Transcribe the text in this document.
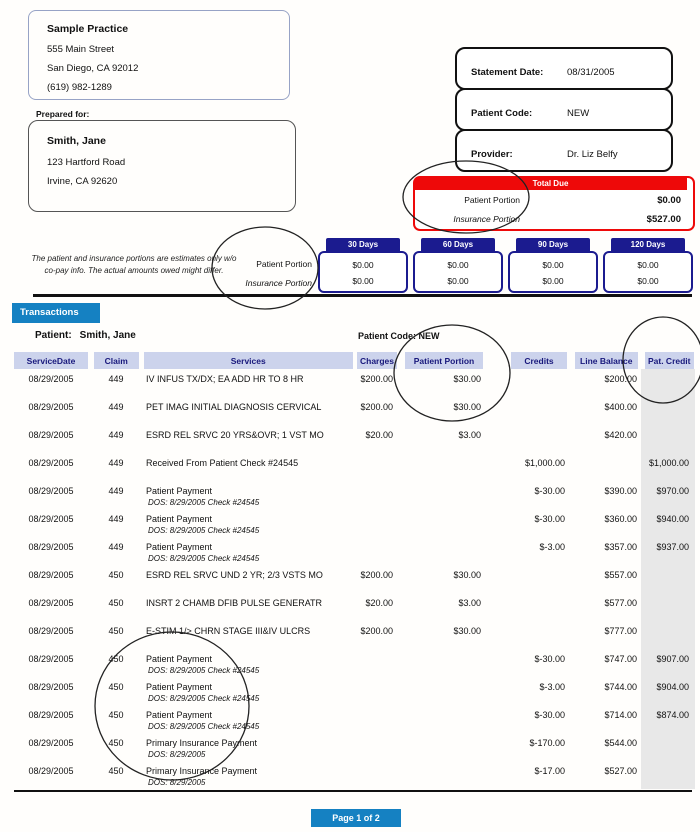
Sample Practice
555 Main Street
San Diego, CA 92012
(619) 982-1289
Prepared for:
Smith, Jane
123 Hartford Road
Irvine, CA 92620
Statement Date:	08/31/2005
Patient Code:	NEW
Provider:	Dr. Liz Belfy
Total Due
Patient Portion	$0.00
Insurance Portion	$527.00
The patient and insurance portions are estimates only w/o co-pay info. The actual amounts owed might differ.
Patient Portion
Insurance Portion
30 Days
$0.00
$0.00
60 Days
$0.00
$0.00
90 Days
$0.00
$0.00
120 Days
$0.00
$0.00
Transactions
Patient: Smith, Jane	Patient Code: NEW
ServiceDate	Claim	Services	Charges	Patient Portion	Credits	Line Balance	Pat. Credit
08/29/2005	449	IV INFUS TX/DX; EA ADD HR TO 8 HR	$200.00	$30.00		$200.00	
08/29/2005	449	PET IMAG INITIAL DIAGNOSIS CERVICAL	$200.00	$30.00		$400.00	
08/29/2005	449	ESRD REL SRVC 20 YRS&OVR; 1 VST MO	$20.00	$3.00		$420.00	
08/29/2005	449	Received From Patient Check #24545			$1,000.00		$1,000.00
08/29/2005	449	Patient Payment
DOS: 8/29/2005 Check #24545			$-30.00	$390.00	$970.00
08/29/2005	449	Patient Payment
DOS: 8/29/2005 Check #24545			$-30.00	$360.00	$940.00
08/29/2005	449	Patient Payment
DOS: 8/29/2005 Check #24545			$-3.00	$357.00	$937.00
08/29/2005	450	ESRD REL SRVC UND 2 YR; 2/3 VSTS MO	$200.00	$30.00		$557.00	
08/29/2005	450	INSRT 2 CHAMB DFIB PULSE GENERATR	$20.00	$3.00		$577.00	
08/29/2005	450	E-STIM 1/> CHRN STAGE III&IV ULCRS	$200.00	$30.00		$777.00	
08/29/2005	450	Patient Payment
DOS: 8/29/2005 Check #24545			$-30.00	$747.00	$907.00
08/29/2005	450	Patient Payment
DOS: 8/29/2005 Check #24545			$-3.00	$744.00	$904.00
08/29/2005	450	Patient Payment
DOS: 8/29/2005 Check #24545			$-30.00	$714.00	$874.00
08/29/2005	450	Primary Insurance Payment
DOS: 8/29/2005			$-170.00	$544.00	
08/29/2005	450	Primary Insurance Payment
DOS: 8/29/2005			$-17.00	$527.00	
Page 1 of 2
